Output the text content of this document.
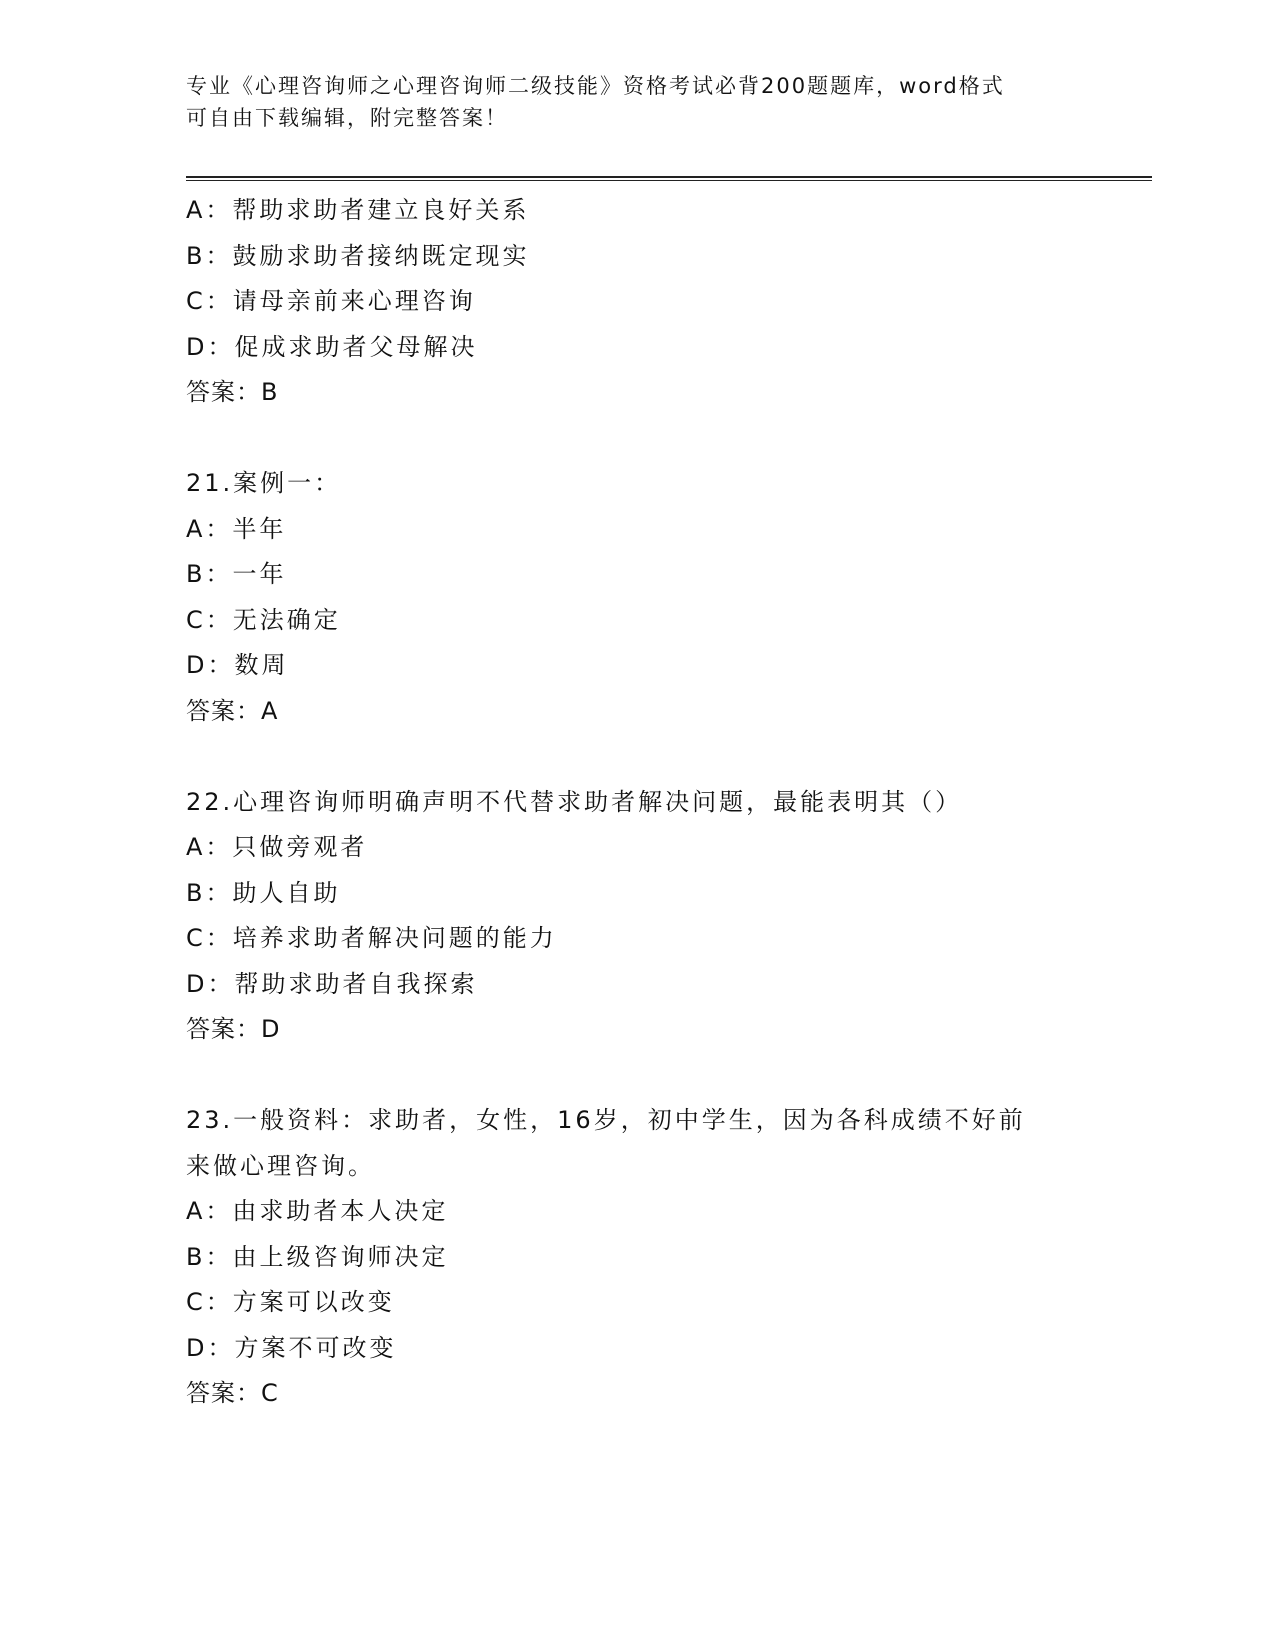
专业《心理咨询师之心理咨询师二级技能》资格考试必背200题题库，word格式
可自由下载编辑，附完整答案！
A：帮助求助者建立良好关系
B：鼓励求助者接纳既定现实
C：请母亲前来心理咨询
D：促成求助者父母解决
答案：B
21.案例一：
A：半年
B：一年
C：无法确定
D：数周
答案：A
22.心理咨询师明确声明不代替求助者解决问题，最能表明其（）
A：只做旁观者
B：助人自助
C：培养求助者解决问题的能力
D：帮助求助者自我探索
答案：D
23.一般资料：求助者，女性，16岁，初中学生，因为各科成绩不好前
来做心理咨询。
A：由求助者本人决定
B：由上级咨询师决定
C：方案可以改变
D：方案不可改变
答案：C
